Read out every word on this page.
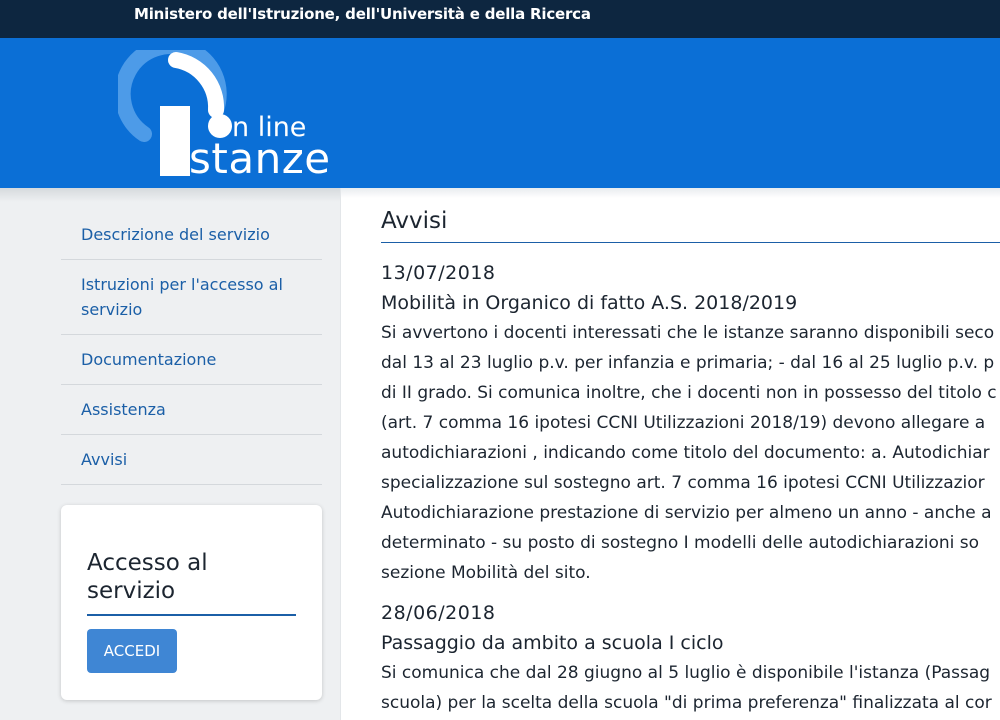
Ministero dell'Istruzione, dell'Università e della Ricerca
n line
stanze
Descrizione del servizio
Istruzioni per l'accesso al servizio
Documentazione
Assistenza
Avvisi
Accesso al servizio
ACCEDI
Avvisi
13/07/2018
Mobilità in Organico di fatto A.S. 2018/2019
Si avvertono i docenti interessati che le istanze saranno disponibili seco
dal 13 al 23 luglio p.v. per infanzia e primaria; - dal 16 al 25 luglio p.v. p
di II grado. Si comunica inoltre, che i docenti non in possesso del titolo c
(art. 7 comma 16 ipotesi CCNI Utilizzazioni 2018/19) devono allegare a
autodichiarazioni , indicando come titolo del documento: a. Autodichiar
specializzazione sul sostegno art. 7 comma 16 ipotesi CCNI Utilizzazior
Autodichiarazione prestazione di servizio per almeno un anno - anche a
determinato - su posto di sostegno I modelli delle autodichiarazioni so
sezione Mobilità del sito.
28/06/2018
Passaggio da ambito a scuola I ciclo
Si comunica che dal 28 giugno al 5 luglio è disponibile l'istanza (Passag
scuola) per la scelta della scuola "di prima preferenza" finalizzata al cor
